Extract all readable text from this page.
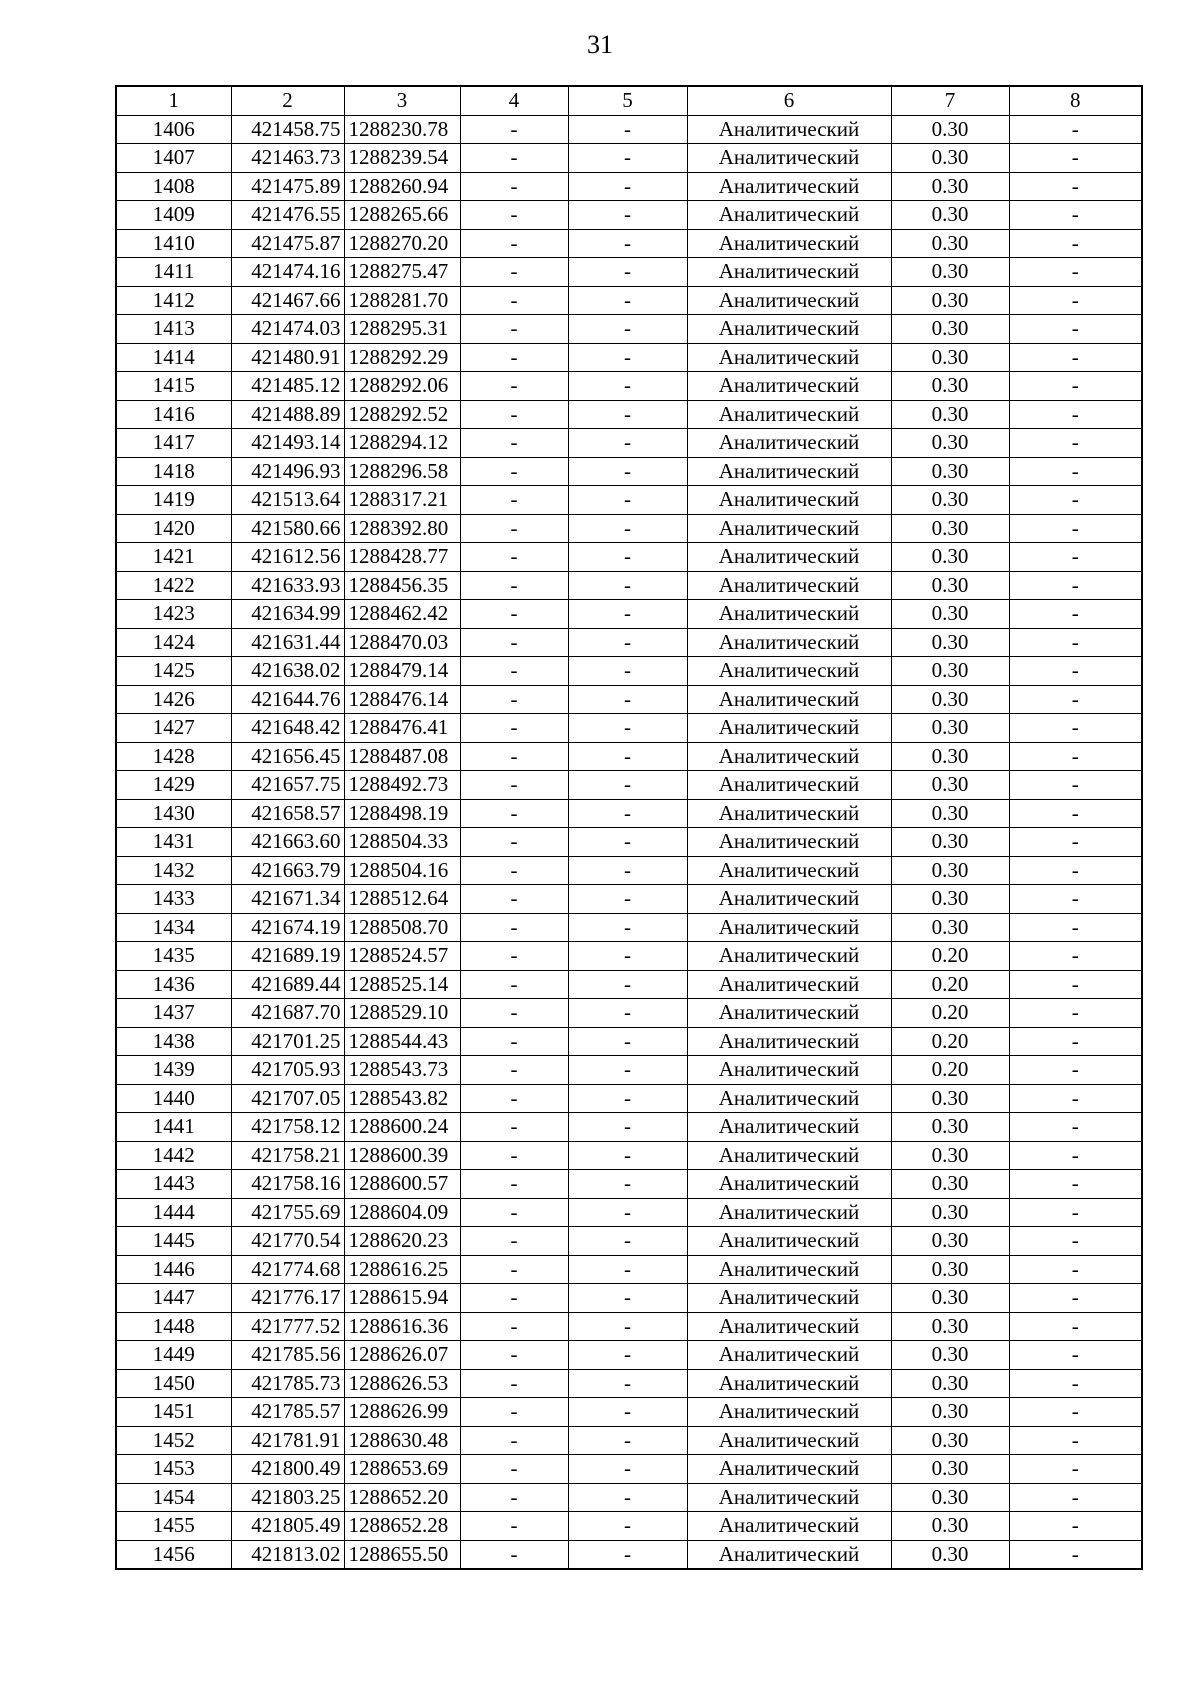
31
1	2	3	4	5	6	7	8
1406	421458.75	1288230.78	-	-	Аналитический	0.30	-
1407	421463.73	1288239.54	-	-	Аналитический	0.30	-
1408	421475.89	1288260.94	-	-	Аналитический	0.30	-
1409	421476.55	1288265.66	-	-	Аналитический	0.30	-
1410	421475.87	1288270.20	-	-	Аналитический	0.30	-
1411	421474.16	1288275.47	-	-	Аналитический	0.30	-
1412	421467.66	1288281.70	-	-	Аналитический	0.30	-
1413	421474.03	1288295.31	-	-	Аналитический	0.30	-
1414	421480.91	1288292.29	-	-	Аналитический	0.30	-
1415	421485.12	1288292.06	-	-	Аналитический	0.30	-
1416	421488.89	1288292.52	-	-	Аналитический	0.30	-
1417	421493.14	1288294.12	-	-	Аналитический	0.30	-
1418	421496.93	1288296.58	-	-	Аналитический	0.30	-
1419	421513.64	1288317.21	-	-	Аналитический	0.30	-
1420	421580.66	1288392.80	-	-	Аналитический	0.30	-
1421	421612.56	1288428.77	-	-	Аналитический	0.30	-
1422	421633.93	1288456.35	-	-	Аналитический	0.30	-
1423	421634.99	1288462.42	-	-	Аналитический	0.30	-
1424	421631.44	1288470.03	-	-	Аналитический	0.30	-
1425	421638.02	1288479.14	-	-	Аналитический	0.30	-
1426	421644.76	1288476.14	-	-	Аналитический	0.30	-
1427	421648.42	1288476.41	-	-	Аналитический	0.30	-
1428	421656.45	1288487.08	-	-	Аналитический	0.30	-
1429	421657.75	1288492.73	-	-	Аналитический	0.30	-
1430	421658.57	1288498.19	-	-	Аналитический	0.30	-
1431	421663.60	1288504.33	-	-	Аналитический	0.30	-
1432	421663.79	1288504.16	-	-	Аналитический	0.30	-
1433	421671.34	1288512.64	-	-	Аналитический	0.30	-
1434	421674.19	1288508.70	-	-	Аналитический	0.30	-
1435	421689.19	1288524.57	-	-	Аналитический	0.20	-
1436	421689.44	1288525.14	-	-	Аналитический	0.20	-
1437	421687.70	1288529.10	-	-	Аналитический	0.20	-
1438	421701.25	1288544.43	-	-	Аналитический	0.20	-
1439	421705.93	1288543.73	-	-	Аналитический	0.20	-
1440	421707.05	1288543.82	-	-	Аналитический	0.30	-
1441	421758.12	1288600.24	-	-	Аналитический	0.30	-
1442	421758.21	1288600.39	-	-	Аналитический	0.30	-
1443	421758.16	1288600.57	-	-	Аналитический	0.30	-
1444	421755.69	1288604.09	-	-	Аналитический	0.30	-
1445	421770.54	1288620.23	-	-	Аналитический	0.30	-
1446	421774.68	1288616.25	-	-	Аналитический	0.30	-
1447	421776.17	1288615.94	-	-	Аналитический	0.30	-
1448	421777.52	1288616.36	-	-	Аналитический	0.30	-
1449	421785.56	1288626.07	-	-	Аналитический	0.30	-
1450	421785.73	1288626.53	-	-	Аналитический	0.30	-
1451	421785.57	1288626.99	-	-	Аналитический	0.30	-
1452	421781.91	1288630.48	-	-	Аналитический	0.30	-
1453	421800.49	1288653.69	-	-	Аналитический	0.30	-
1454	421803.25	1288652.20	-	-	Аналитический	0.30	-
1455	421805.49	1288652.28	-	-	Аналитический	0.30	-
1456	421813.02	1288655.50	-	-	Аналитический	0.30	-
